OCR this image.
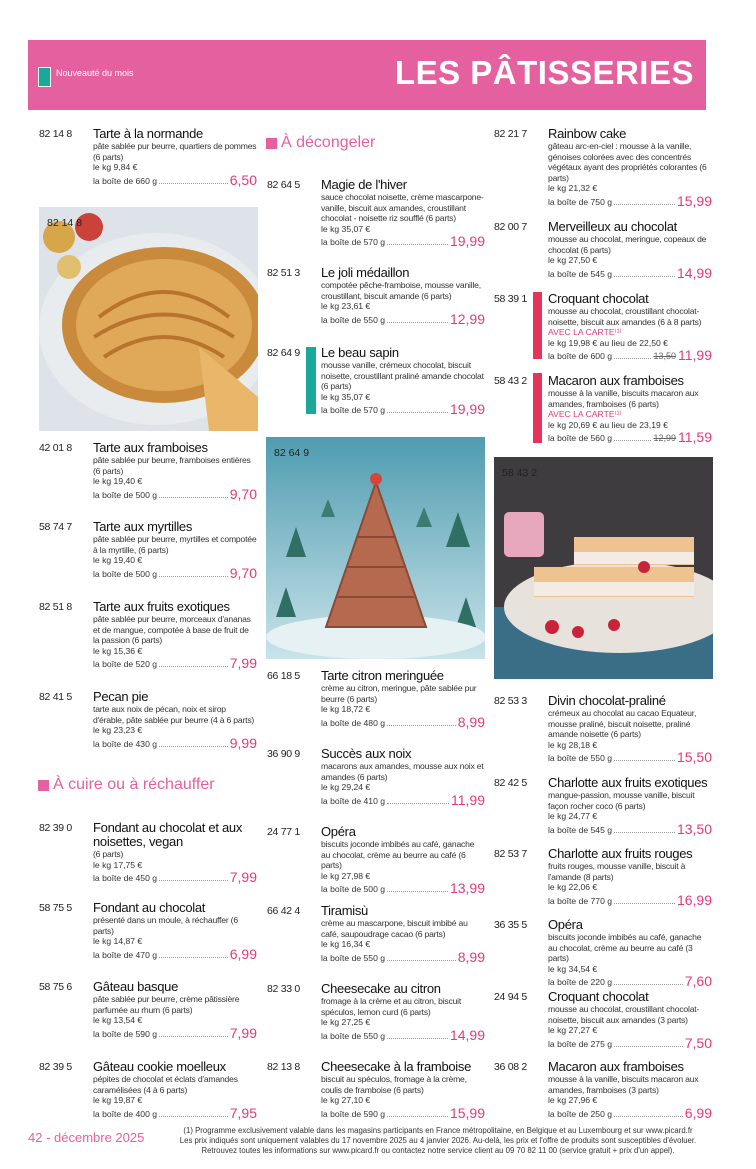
Nouveauté du mois	LES PÂTISSERIES
À décongeler
À cuire ou à réchauffer
82 14 8
82 64 9
58 43 2
82 14 8 Tarte à la normande
pâte sablée pur beurre, quartiers de pommes (6 parts)
le kg 9,84 €
la boîte de 660 g	6,50
42 01 8 Tarte aux framboises
pâte sablée pur beurre, framboises entières (6 parts)
le kg 19,40 €
la boîte de 500 g	9,70
58 74 7 Tarte aux myrtilles
pâte sablée pur beurre, myrtilles et compotée à la myrtille, (6 parts)
le kg 19,40 €
la boîte de 500 g	9,70
82 51 8 Tarte aux fruits exotiques
pâte sablée pur beurre, morceaux d'ananas et de mangue, compotée à base de fruit de la passion (6 parts)
le kg 15,36 €
la boîte de 520 g	7,99
82 41 5 Pecan pie
tarte aux noix de pécan, noix et sirop d'érable, pâte sablée pur beurre (4 à 6 parts)
le kg 23,23 €
la boîte de 430 g	9,99
82 39 0 Fondant au chocolat et aux noisettes, vegan
(6 parts)
le kg 17,75 €
la boîte de 450 g	7,99
58 75 5 Fondant au chocolat
présenté dans un moule, à réchauffer (6 parts)
le kg 14,87 €
la boîte de 470 g	6,99
58 75 6 Gâteau basque
pâte sablée pur beurre, crème pâtissière parfumée au rhum (6 parts)
le kg 13,54 €
la boîte de 590 g	7,99
82 39 5 Gâteau cookie moelleux
pépites de chocolat et éclats d'amandes caramélisées (4 à 6 parts)
le kg 19,87 €
la boîte de 400 g	7,95
82 64 5 Magie de l'hiver
sauce chocolat noisette, crème mascarpone-vanille, biscuit aux amandes, croustillant chocolat - noisette riz soufflé (6 parts)
le kg 35,07 €
la boîte de 570 g	19,99
82 51 3 Le joli médaillon
compotée pêche-framboise, mousse vanille, croustillant, biscuit amande (6 parts)
le kg 23,61 €
la boîte de 550 g	12,99
82 64 9 Le beau sapin
mousse vanille, crémeux chocolat, biscuit noisette, croustillant praliné amande chocolat (6 parts)
le kg 35,07 €
la boîte de 570 g	19,99
66 18 5 Tarte citron meringuée
crème au citron, meringue, pâte sablée pur beurre (6 parts)
le kg 18,72 €
la boîte de 480 g	8,99
36 90 9 Succès aux noix
macarons aux amandes, mousse aux noix et amandes (6 parts)
le kg 29,24 €
la boîte de 410 g	11,99
24 77 1 Opéra
biscuits joconde imbibés au café, ganache au chocolat, crème au beurre au café (6 parts)
le kg 27,98 €
la boîte de 500 g	13,99
66 42 4 Tiramisù
crème au mascarpone, biscuit imbibé au café, saupoudrage cacao (6 parts)
le kg 16,34 €
la boîte de 550 g	8,99
82 33 0 Cheesecake au citron
fromage à la crème et au citron, biscuit spéculos, lemon curd (6 parts)
le kg 27,25 €
la boîte de 550 g	14,99
82 13 8 Cheesecake à la framboise
biscuit au spéculos, fromage à la crème, coulis de framboise (6 parts)
le kg 27,10 €
la boîte de 590 g	15,99
82 21 7 Rainbow cake
gâteau arc-en-ciel : mousse à la vanille, génoises colorées avec des concentrés végétaux ayant des propriétés colorantes (6 parts)
le kg 21,32 €
la boîte de 750 g	15,99
82 00 7 Merveilleux au chocolat
mousse au chocolat, meringue, copeaux de chocolat (6 parts)
le kg 27,50 €
la boîte de 545 g	14,99
58 39 1 Croquant chocolat
mousse au chocolat, croustillant chocolat-noisette, biscuit aux amandes (6 à 8 parts)
AVEC LA CARTE⁽¹⁾
le kg 19,98 € au lieu de 22,50 €
la boîte de 600 g	13,50 11,99
58 43 2 Macaron aux framboises
mousse à la vanille, biscuits macaron aux amandes, framboises (6 parts)
AVEC LA CARTE⁽¹⁾
le kg 20,69 € au lieu de 23,19 €
la boîte de 560 g	12,99 11,59
82 53 3 Divin chocolat-praliné
crémeux au chocolat au cacao Equateur, mousse praliné, biscuit noisette, praliné amande noisette (6 parts)
le kg 28,18 €
la boîte de 550 g	15,50
82 42 5 Charlotte aux fruits exotiques
mangue-passion, mousse vanille, biscuit façon rocher coco (6 parts)
le kg 24,77 €
la boîte de 545 g	13,50
82 53 7 Charlotte aux fruits rouges
fruits rouges, mousse vanille, biscuit à l'amande (8 parts)
le kg 22,06 €
la boîte de 770 g	16,99
36 35 5 Opéra
biscuits joconde imbibés au café, ganache au chocolat, crème au beurre au café (3 parts)
le kg 34,54 €
la boîte de 220 g	7,60
24 94 5 Croquant chocolat
mousse au chocolat, croustillant chocolat-noisette, biscuit aux amandes (3 parts)
le kg 27,27 €
la boîte de 275 g	7,50
36 08 2 Macaron aux framboises
mousse à la vanille, biscuits macaron aux amandes, framboises (3 parts)
le kg 27,96 €
la boîte de 250 g	6,99
42 - décembre 2025	(1) Programme exclusivement valable dans les magasins participants en France métropolitaine, en Belgique et au Luxembourg et sur www.picard.fr
Les prix indiqués sont uniquement valables du 17 novembre 2025 au 4 janvier 2026. Au-delà, les prix et l'offre de produits sont susceptibles d'évoluer.
Retrouvez toutes les informations sur www.picard.fr ou contactez notre service client au 09 70 82 11 00 (service gratuit + prix d'un appel).
